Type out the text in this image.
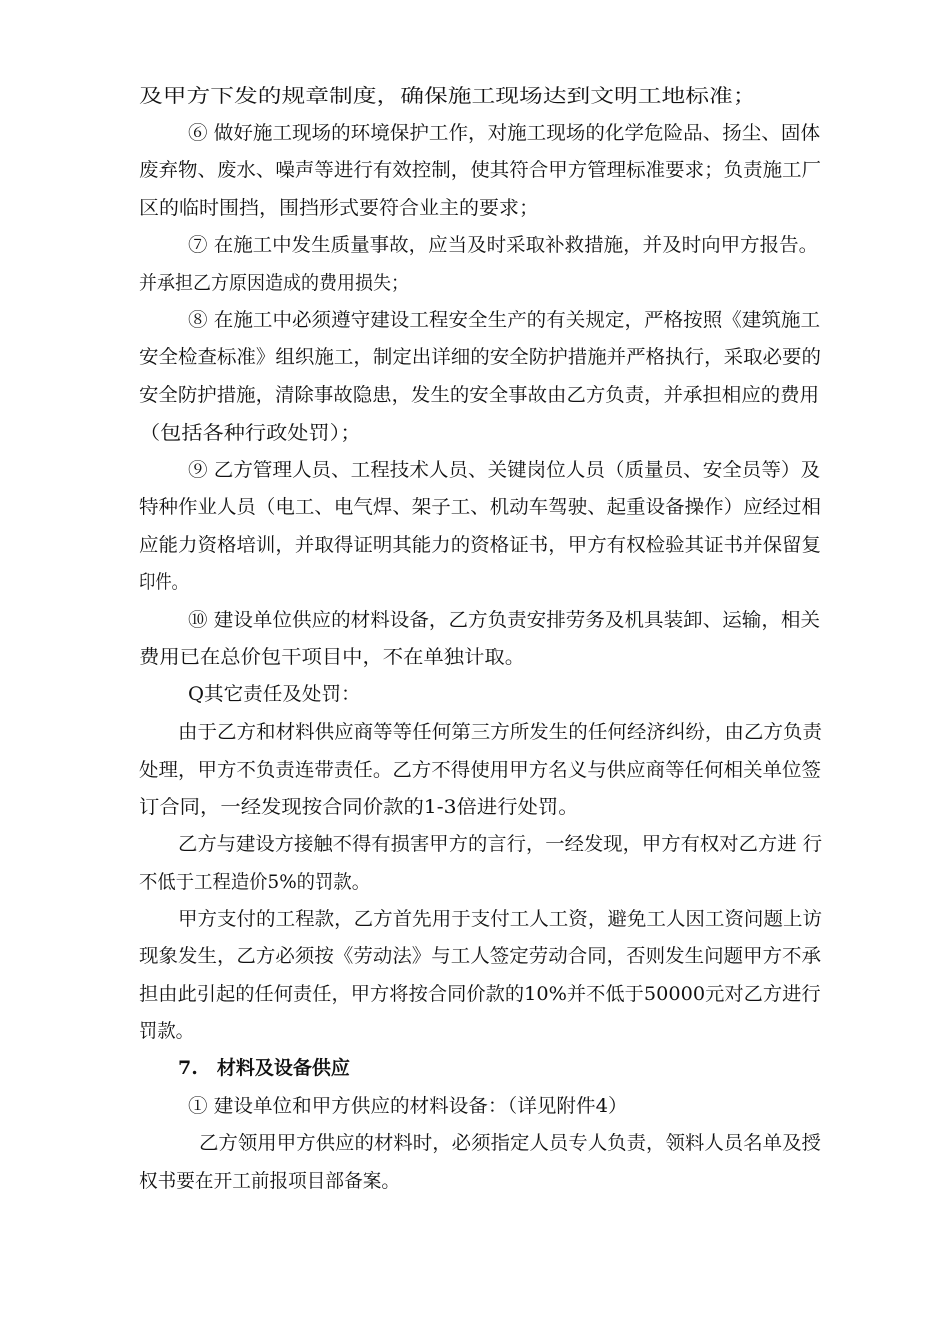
及甲方下发的规章制度，确保施工现场达到文明工地标准；
⑥ 做好施工现场的环境保护工作，对施工现场的化学危险品、扬尘、固体
废弃物、废水、噪声等进行有效控制，使其符合甲方管理标准要求；负责施工厂
区的临时围挡，围挡形式要符合业主的要求；
⑦ 在施工中发生质量事故，应当及时采取补救措施，并及时向甲方报告。
并承担乙方原因造成的费用损失；
⑧ 在施工中必须遵守建设工程安全生产的有关规定，严格按照《建筑施工
安全检查标准》组织施工，制定出详细的安全防护措施并严格执行，采取必要的
安全防护措施，清除事故隐患，发生的安全事故由乙方负责，并承担相应的费用
（包括各种行政处罚）；
⑨ 乙方管理人员、工程技术人员、关键岗位人员（质量员、安全员等）及
特种作业人员（电工、电气焊、架子工、机动车驾驶、起重设备操作）应经过相
应能力资格培训，并取得证明其能力的资格证书，甲方有权检验其证书并保留复
印件。
⑩ 建设单位供应的材料设备，乙方负责安排劳务及机具装卸、运输，相关
费用已在总价包干项目中，不在单独计取。
Q其它责任及处罚：
由于乙方和材料供应商等等任何第三方所发生的任何经济纠纷，由乙方负责
处理，甲方不负责连带责任。乙方不得使用甲方名义与供应商等任何相关单位签
订合同，一经发现按合同价款的1-3倍进行处罚。
乙方与建设方接触不得有损害甲方的言行，一经发现，甲方有权对乙方进 行
不低于工程造价5%的罚款。
甲方支付的工程款，乙方首先用于支付工人工资，避免工人因工资问题上访
现象发生，乙方必须按《劳动法》与工人签定劳动合同，否则发生问题甲方不承
担由此引起的任何责任，甲方将按合同价款的10%并不低于50000元对乙方进行
罚款。
7.　材料及设备供应
① 建设单位和甲方供应的材料设备：（详见附件4）
乙方领用甲方供应的材料时，必须指定人员专人负责，领料人员名单及授
权书要在开工前报项目部备案。
